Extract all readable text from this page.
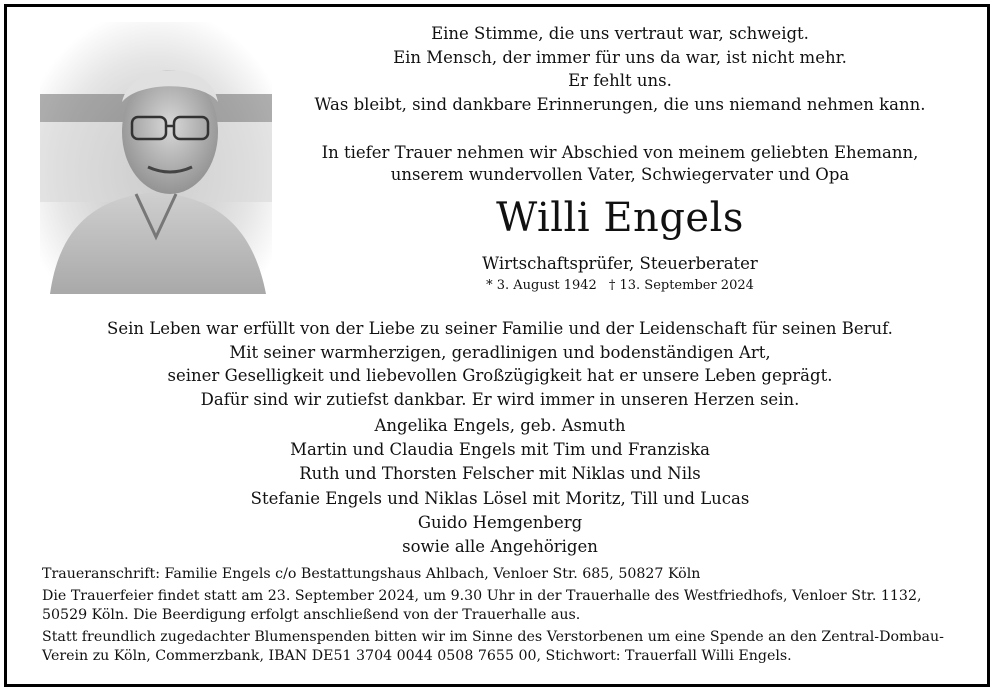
Eine Stimme, die uns vertraut war, schweigt.
Ein Mensch, der immer für uns da war, ist nicht mehr.
Er fehlt uns.
Was bleibt, sind dankbare Erinnerungen, die uns niemand nehmen kann.
In tiefer Trauer nehmen wir Abschied von meinem geliebten Ehemann,
unserem wundervollen Vater, Schwiegervater und Opa
Willi Engels
Wirtschaftsprüfer, Steuerberater
* 3. August 1942 † 13. September 2024
Sein Leben war erfüllt von der Liebe zu seiner Familie und der Leidenschaft für seinen Beruf.
Mit seiner warmherzigen, geradlinigen und bodenständigen Art,
seiner Geselligkeit und liebevollen Großzügigkeit hat er unsere Leben geprägt.
Dafür sind wir zutiefst dankbar. Er wird immer in unseren Herzen sein.
Angelika Engels, geb. Asmuth
Martin und Claudia Engels mit Tim und Franziska
Ruth und Thorsten Felscher mit Niklas und Nils
Stefanie Engels und Niklas Lösel mit Moritz, Till und Lucas
Guido Hemgenberg
sowie alle Angehörigen

Traueranschrift: Familie Engels c/o Bestattungshaus Ahlbach, Venloer Str. 685, 50827 Köln

Die Trauerfeier findet statt am 23. September 2024, um 9.30 Uhr in der Trauerhalle des Westfriedhofs, Venloer Str. 1132,
50529 Köln. Die Beerdigung erfolgt anschließend von der Trauerhalle aus.

Statt freundlich zugedachter Blumenspenden bitten wir im Sinne des Verstorbenen um eine Spende an den Zentral-Dombau-
Verein zu Köln, Commerzbank, IBAN DE51 3704 0044 0508 7655 00, Stichwort: Trauerfall Willi Engels.
